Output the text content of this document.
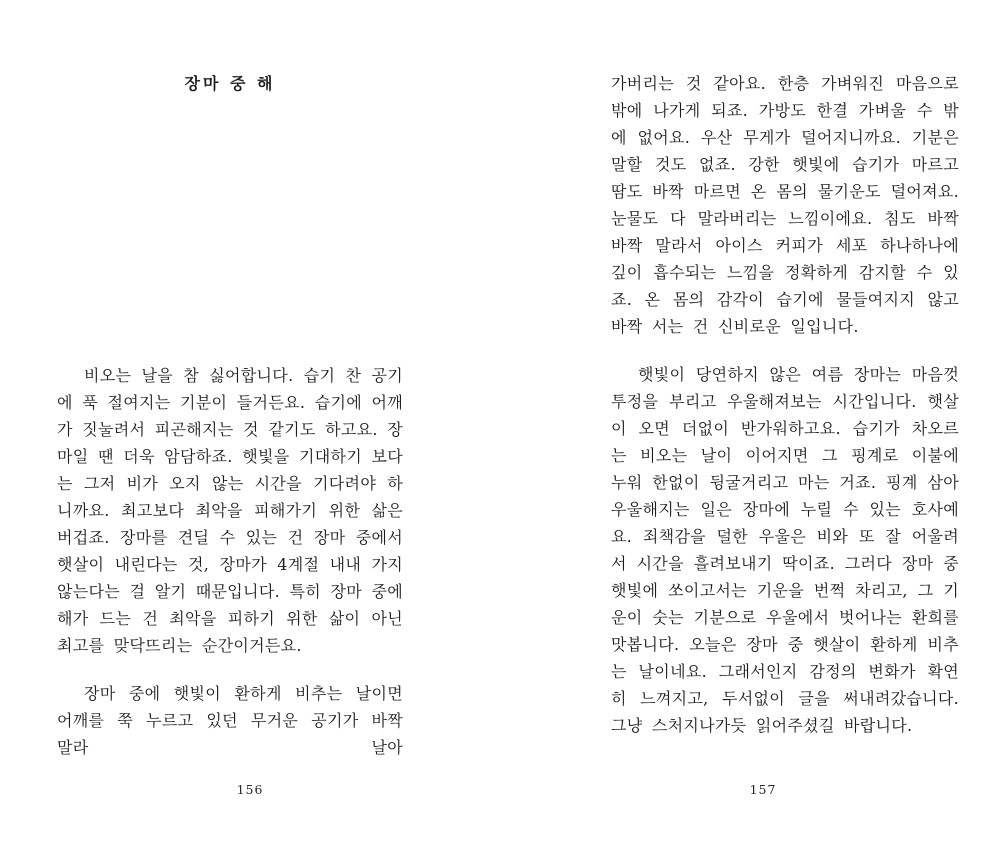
장마 중 해

비오는 날을 참 싫어합니다. 습기 찬 공기에 푹 절여지는 기분이 들거든요. 습기에 어깨가 짓눌려서 피곤해지는 것 같기도 하고요. 장마일 땐 더욱 암담하죠. 햇빛을 기대하기 보다는 그저 비가 오지 않는 시간을 기다려야 하니까요. 최고보다 최악을 피해가기 위한 삶은 버겁죠. 장마를 견딜 수 있는 건 장마 중에서 햇살이 내린다는 것, 장마가 4계절 내내 가지 않는다는 걸 알기 때문입니다. 특히 장마 중에 해가 드는 건 최악을 피하기 위한 삶이 아닌 최고를 맞닥뜨리는 순간이거든요.

장마 중에 햇빛이 환하게 비추는 날이면 어깨를 쭉 누르고 있던 무거운 공기가 바짝 말라 날아

156

가버리는 것 같아요. 한층 가벼워진 마음으로 밖에 나가게 되죠. 가방도 한결 가벼울 수 밖에 없어요. 우산 무게가 덜어지니까요. 기분은 말할 것도 없죠. 강한 햇빛에 습기가 마르고 땀도 바짝 마르면 온 몸의 물기운도 덜어져요. 눈물도 다 말라버리는 느낌이에요. 침도 바짝바짝 말라서 아이스 커피가 세포 하나하나에 깊이 흡수되는 느낌을 정확하게 감지할 수 있죠. 온 몸의 감각이 습기에 물들여지지 않고 바짝 서는 건 신비로운 일입니다.

햇빛이 당연하지 않은 여름 장마는 마음껏 투정을 부리고 우울해져보는 시간입니다. 햇살이 오면 더없이 반가워하고요. 습기가 차오르는 비오는 날이 이어지면 그 핑계로 이불에 누워 한없이 뒹굴거리고 마는 거죠. 핑계 삼아 우울해지는 일은 장마에 누릴 수 있는 호사예요. 죄책감을 덜한 우울은 비와 또 잘 어울려서 시간을 흘려보내기 딱이죠. 그러다 장마 중 햇빛에 쏘이고서는 기운을 번쩍 차리고, 그 기운이 숫는 기분으로 우울에서 벗어나는 환희를 맛봅니다. 오늘은 장마 중 햇살이 환하게 비추는 날이네요. 그래서인지 감정의 변화가 확연히 느껴지고, 두서없이 글을 써내려갔습니다. 그냥 스처지나가듯 읽어주셨길 바랍니다.

157
